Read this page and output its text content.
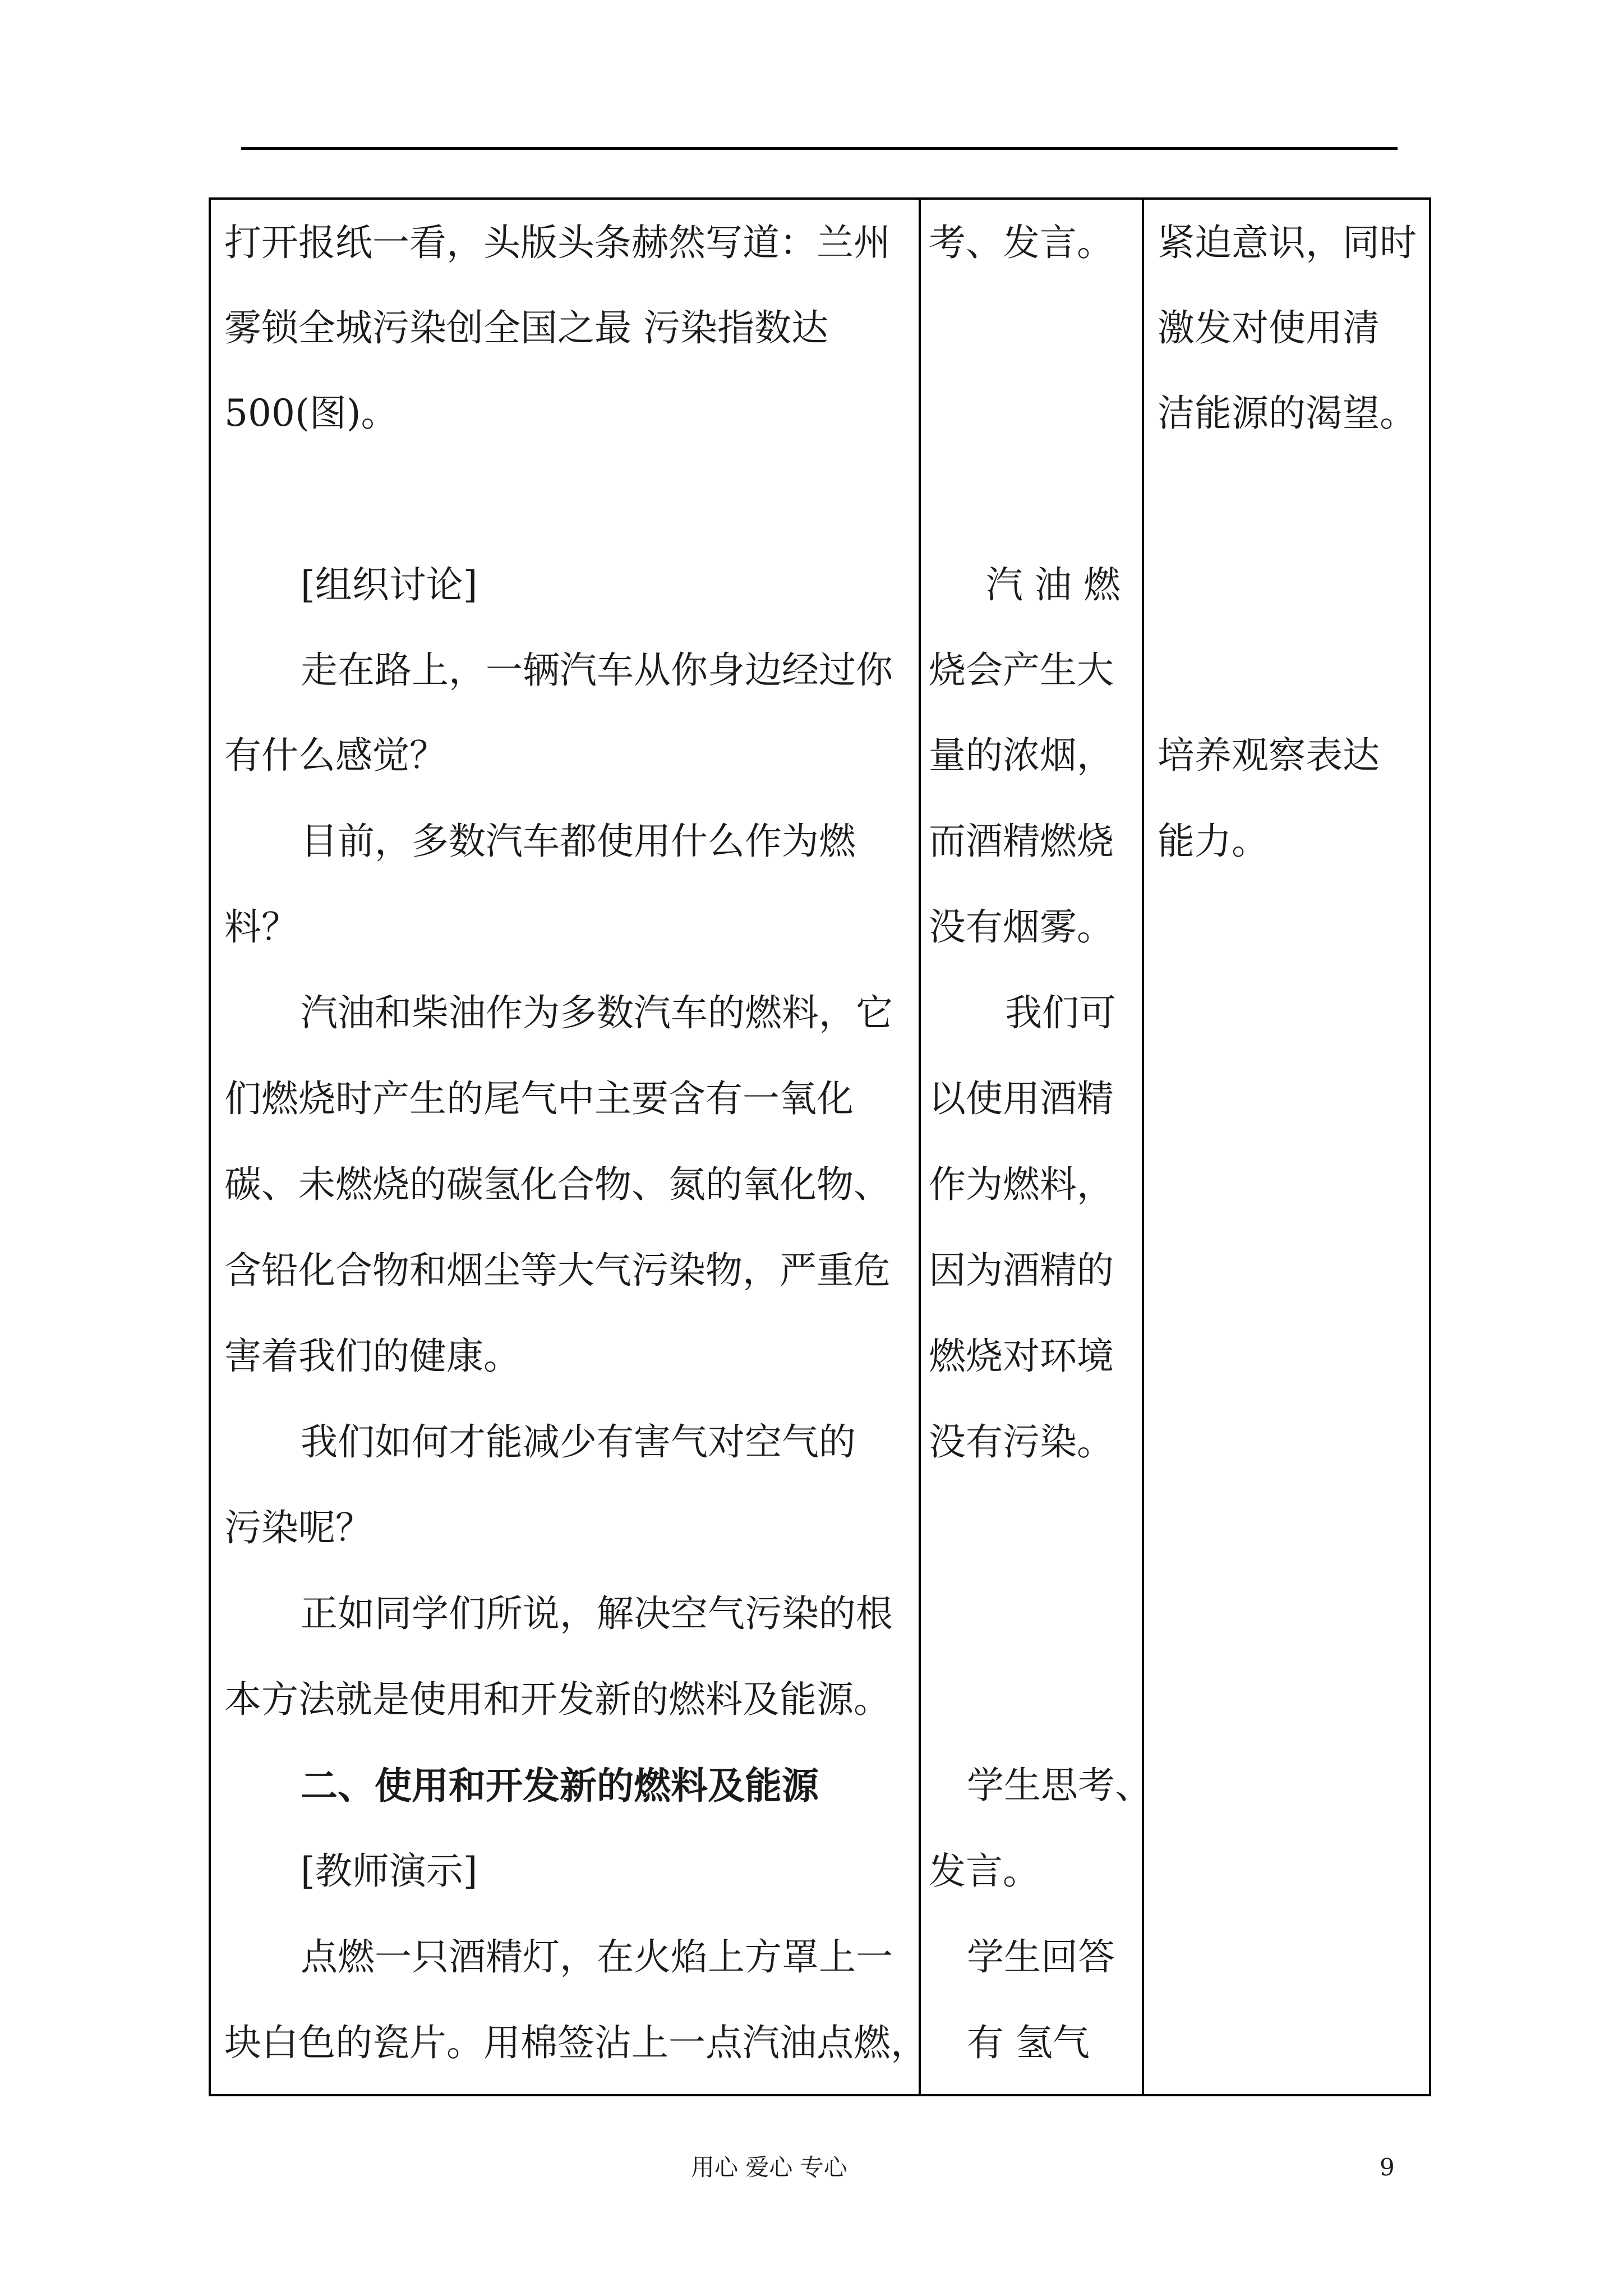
打开报纸一看，头版头条赫然写道：兰州
雾锁全城污染创全国之最 污染指数达
500(图)。
[组织讨论]
走在路上，一辆汽车从你身边经过你
有什么感觉？
目前，多数汽车都使用什么作为燃
料？
汽油和柴油作为多数汽车的燃料，它
们燃烧时产生的尾气中主要含有一氧化
碳、未燃烧的碳氢化合物、氮的氧化物、
含铅化合物和烟尘等大气污染物，严重危
害着我们的健康。
我们如何才能减少有害气对空气的
污染呢？
正如同学们所说，解决空气污染的根
本方法就是使用和开发新的燃料及能源。
二、使用和开发新的燃料及能源
[教师演示]
点燃一只酒精灯，在火焰上方罩上一
块白色的瓷片。用棉签沾上一点汽油点燃，
考、发言。
汽 油 燃
烧会产生大
量的浓烟，
而酒精燃烧
没有烟雾。
我们可
以使用酒精
作为燃料，
因为酒精的
燃烧对环境
没有污染。
学生思考、
发言。
学生回答
有 氢气
紧迫意识，同时
激发对使用清
洁能源的渴望。
培养观察表达
能力。
用心 爱心 专心	9
